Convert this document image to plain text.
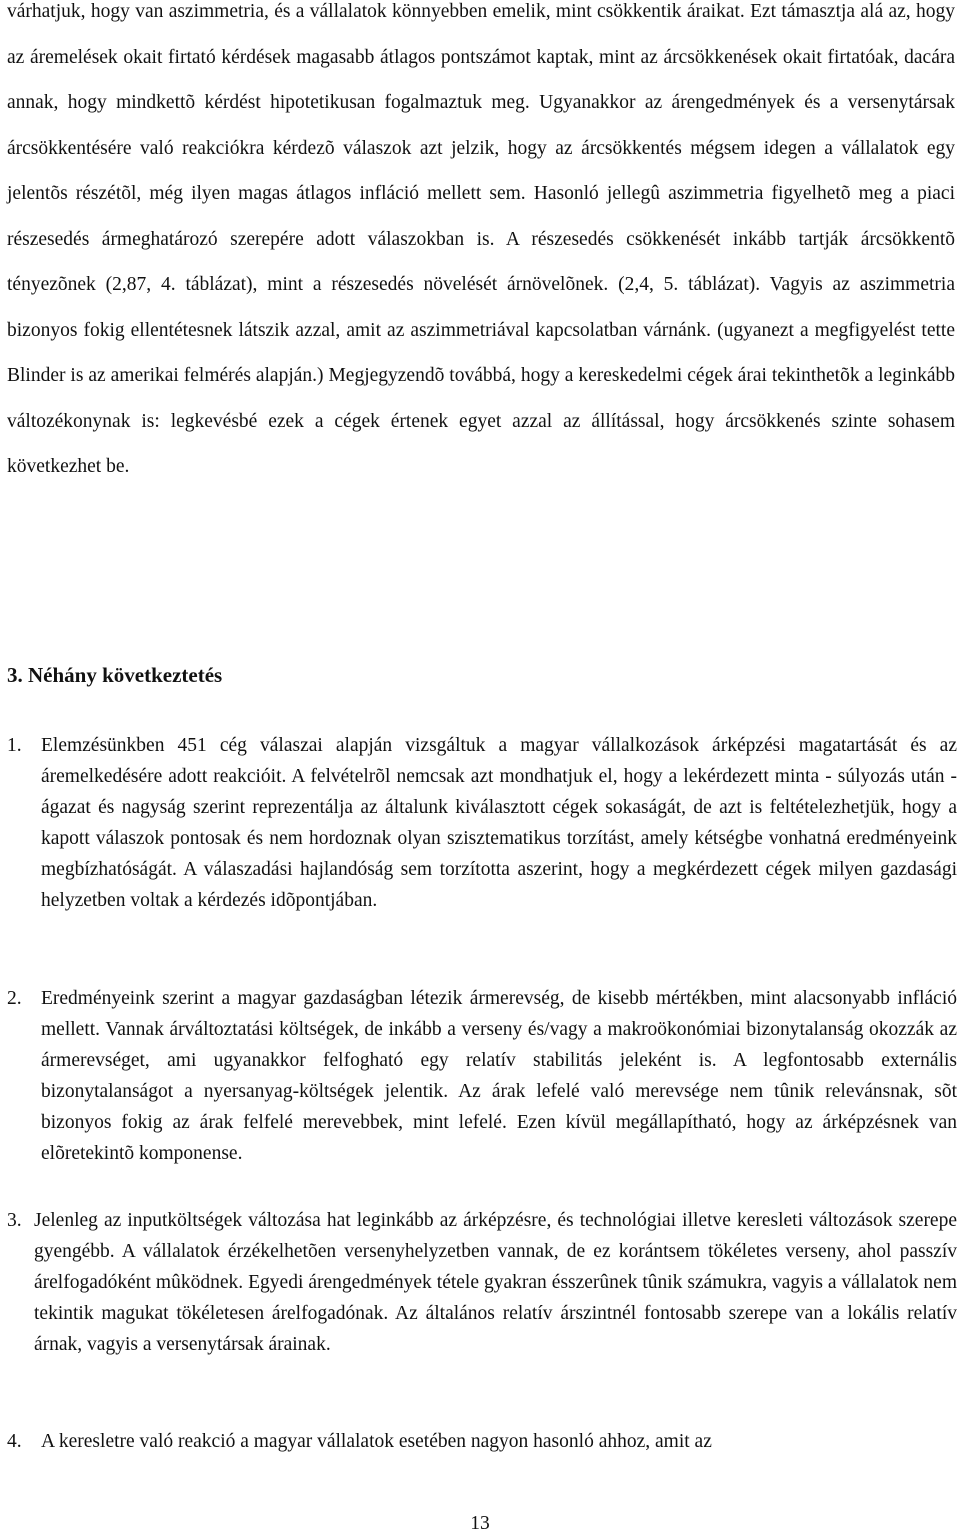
várhatjuk, hogy van aszimmetria, és a vállalatok könnyebben emelik, mint csökkentik áraikat. Ezt támasztja alá az, hogy az áremelések okait firtató kérdések magasabb átlagos pontszámot kaptak, mint az árcsökkenések okait firtatóak, dacára annak, hogy mindkettõ kérdést hipotetikusan fogalmaztuk meg. Ugyanakkor az árengedmények és a versenytársak árcsökkentésére való reakciókra kérdezõ válaszok azt jelzik, hogy az árcsökkentés mégsem idegen a vállalatok egy jelentõs részétõl, még ilyen magas átlagos infláció mellett sem. Hasonló jellegû aszimmetria figyelhetõ meg a piaci részesedés ármeghatározó szerepére adott válaszokban is. A részesedés csökkenését inkább tartják árcsökkentõ tényezõnek (2,87, 4. táblázat), mint a részesedés növelését árnövelõnek. (2,4, 5. táblázat). Vagyis az aszimmetria bizonyos fokig ellentétesnek látszik azzal, amit az aszimmetriával kapcsolatban várnánk. (ugyanezt a megfigyelést tette Blinder is az amerikai felmérés alapján.) Megjegyzendõ továbbá, hogy a kereskedelmi cégek árai tekinthetõk a leginkább változékonynak is: legkevésbé ezek a cégek értenek egyet azzal az állítással, hogy árcsökkenés szinte sohasem következhet be.

3. Néhány következtetés
1. Elemzésünkben 451 cég válaszai alapján vizsgáltuk a magyar vállalkozások árképzési magatartását és az áremelkedésére adott reakcióit. A felvételrõl nemcsak azt mondhatjuk el, hogy a lekérdezett minta - súlyozás után - ágazat és nagyság szerint reprezentálja az általunk kiválasztott cégek sokaságát, de azt is feltételezhetjük, hogy a kapott válaszok pontosak és nem hordoznak olyan szisztematikus torzítást, amely kétségbe vonhatná eredményeink megbízhatóságát. A válaszadási hajlandóság sem torzította aszerint, hogy a megkérdezett cégek milyen gazdasági helyzetben voltak a kérdezés idõpontjában.
2. Eredményeink szerint a magyar gazdaságban létezik ármerevség, de kisebb mértékben, mint alacsonyabb infláció mellett. Vannak árváltoztatási költségek, de inkább a verseny és/vagy a makroökonómiai bizonytalanság okozzák az ármerevséget, ami ugyanakkor felfogható egy relatív stabilitás jeleként is. A legfontosabb externális bizonytalanságot a nyersanyag-költségek jelentik. Az árak lefelé való merevsége nem tûnik relevánsnak, sõt bizonyos fokig az árak felfelé merevebbek, mint lefelé. Ezen kívül megállapítható, hogy az árképzésnek van elõretekintõ komponense.
3. Jelenleg az inputköltségek változása hat leginkább az árképzésre, és technológiai illetve keresleti változások szerepe gyengébb. A vállalatok érzékelhetõen versenyhelyzetben vannak, de ez korántsem tökéletes verseny, ahol passzív árelfogadóként mûködnek. Egyedi árengedmények tétele gyakran ésszerûnek tûnik számukra, vagyis a vállalatok nem tekintik magukat tökéletesen árelfogadónak. Az általános relatív árszintnél fontosabb szerepe van a lokális relatív árnak, vagyis a versenytársak árainak.
4. A keresletre való reakció a magyar vállalatok esetében nagyon hasonló ahhoz, amit az
13
